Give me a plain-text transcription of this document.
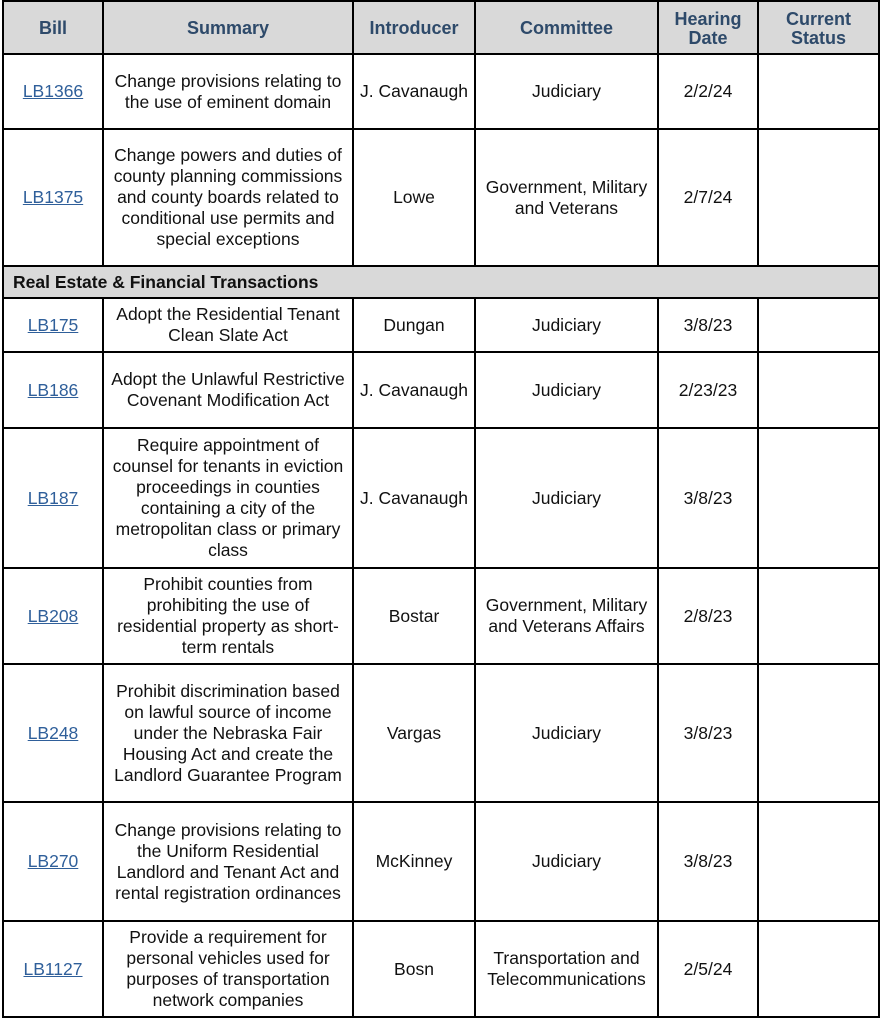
Bill	Summary	Introducer	Committee	Hearing Date	Current Status
LB1366	Change provisions relating to the use of eminent domain	J. Cavanaugh	Judiciary	2/2/24	
LB1375	Change powers and duties of county planning commissions and county boards related to conditional use permits and special exceptions	Lowe	Government, Military and Veterans	2/7/24	
Real Estate & Financial Transactions					
LB175	Adopt the Residential Tenant Clean Slate Act	Dungan	Judiciary	3/8/23	
LB186	Adopt the Unlawful Restrictive Covenant Modification Act	J. Cavanaugh	Judiciary	2/23/23	
LB187	Require appointment of counsel for tenants in eviction proceedings in counties containing a city of the metropolitan class or primary class	J. Cavanaugh	Judiciary	3/8/23	
LB208	Prohibit counties from prohibiting the use of residential property as short-term rentals	Bostar	Government, Military and Veterans Affairs	2/8/23	
LB248	Prohibit discrimination based on lawful source of income under the Nebraska Fair Housing Act and create the Landlord Guarantee Program	Vargas	Judiciary	3/8/23	
LB270	Change provisions relating to the Uniform Residential Landlord and Tenant Act and rental registration ordinances	McKinney	Judiciary	3/8/23	
LB1127	Provide a requirement for personal vehicles used for purposes of transportation network companies	Bosn	Transportation and Telecommunications	2/5/24	
